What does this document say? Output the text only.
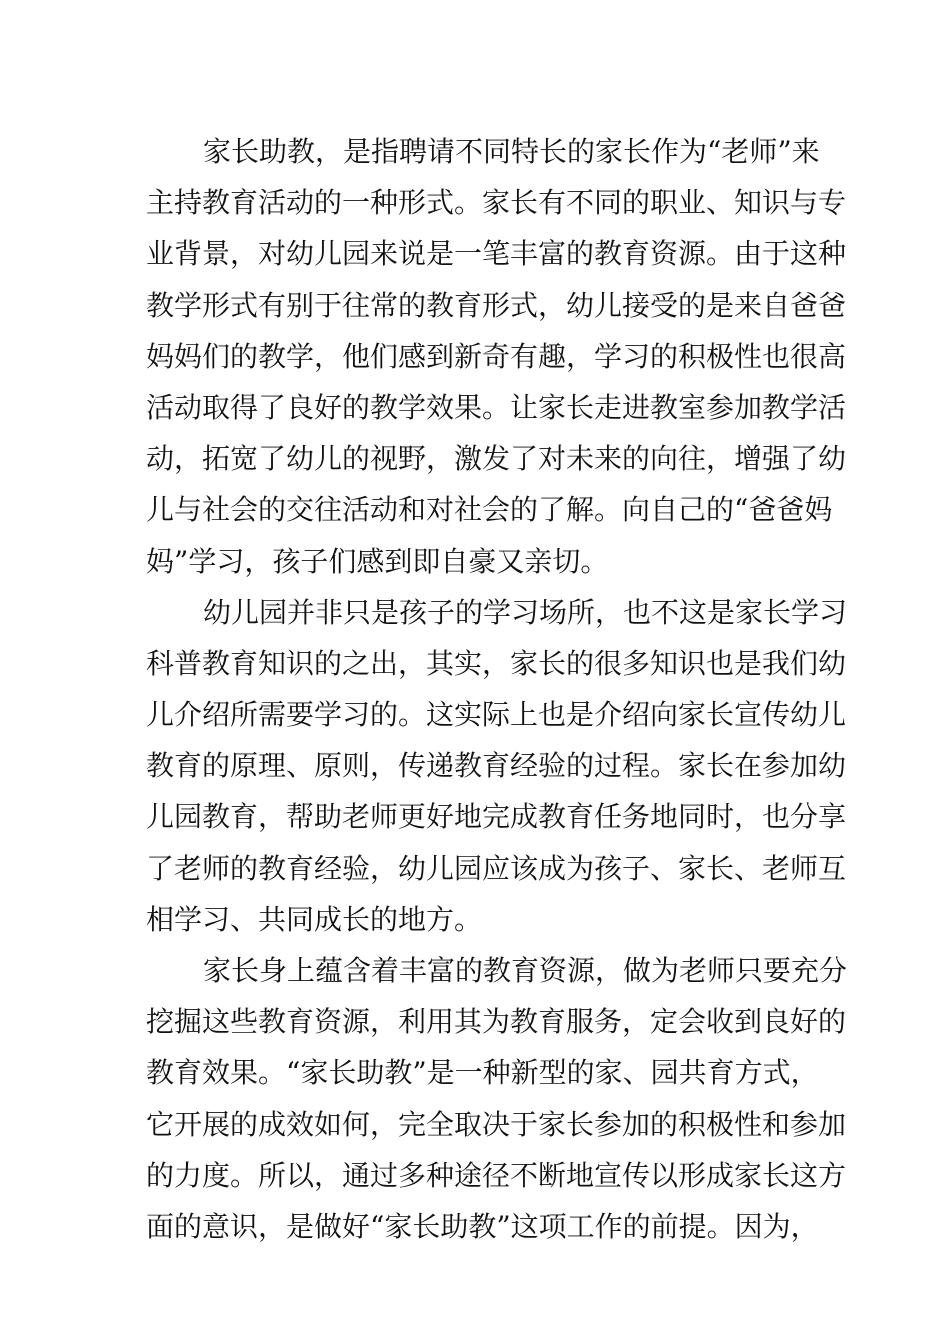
家长助教，是指聘请不同特长的家长作为“老师”来
主持教育活动的一种形式。家长有不同的职业、知识与专
业背景，对幼儿园来说是一笔丰富的教育资源。由于这种
教学形式有别于往常的教育形式，幼儿接受的是来自爸爸
妈妈们的教学，他们感到新奇有趣，学习的积极性也很高
活动取得了良好的教学效果。让家长走进教室参加教学活
动，拓宽了幼儿的视野，激发了对未来的向往，增强了幼
儿与社会的交往活动和对社会的了解。向自己的“爸爸妈
妈”学习，孩子们感到即自豪又亲切。
幼儿园并非只是孩子的学习场所，也不这是家长学习
科普教育知识的之出，其实，家长的很多知识也是我们幼
儿介绍所需要学习的。这实际上也是介绍向家长宣传幼儿
教育的原理、原则，传递教育经验的过程。家长在参加幼
儿园教育，帮助老师更好地完成教育任务地同时，也分享
了老师的教育经验，幼儿园应该成为孩子、家长、老师互
相学习、共同成长的地方。
家长身上蕴含着丰富的教育资源，做为老师只要充分
挖掘这些教育资源，利用其为教育服务，定会收到良好的
教育效果。“家长助教”是一种新型的家、园共育方式，
它开展的成效如何，完全取决于家长参加的积极性和参加
的力度。所以，通过多种途径不断地宣传以形成家长这方
面的意识，是做好“家长助教”这项工作的前提。因为，
